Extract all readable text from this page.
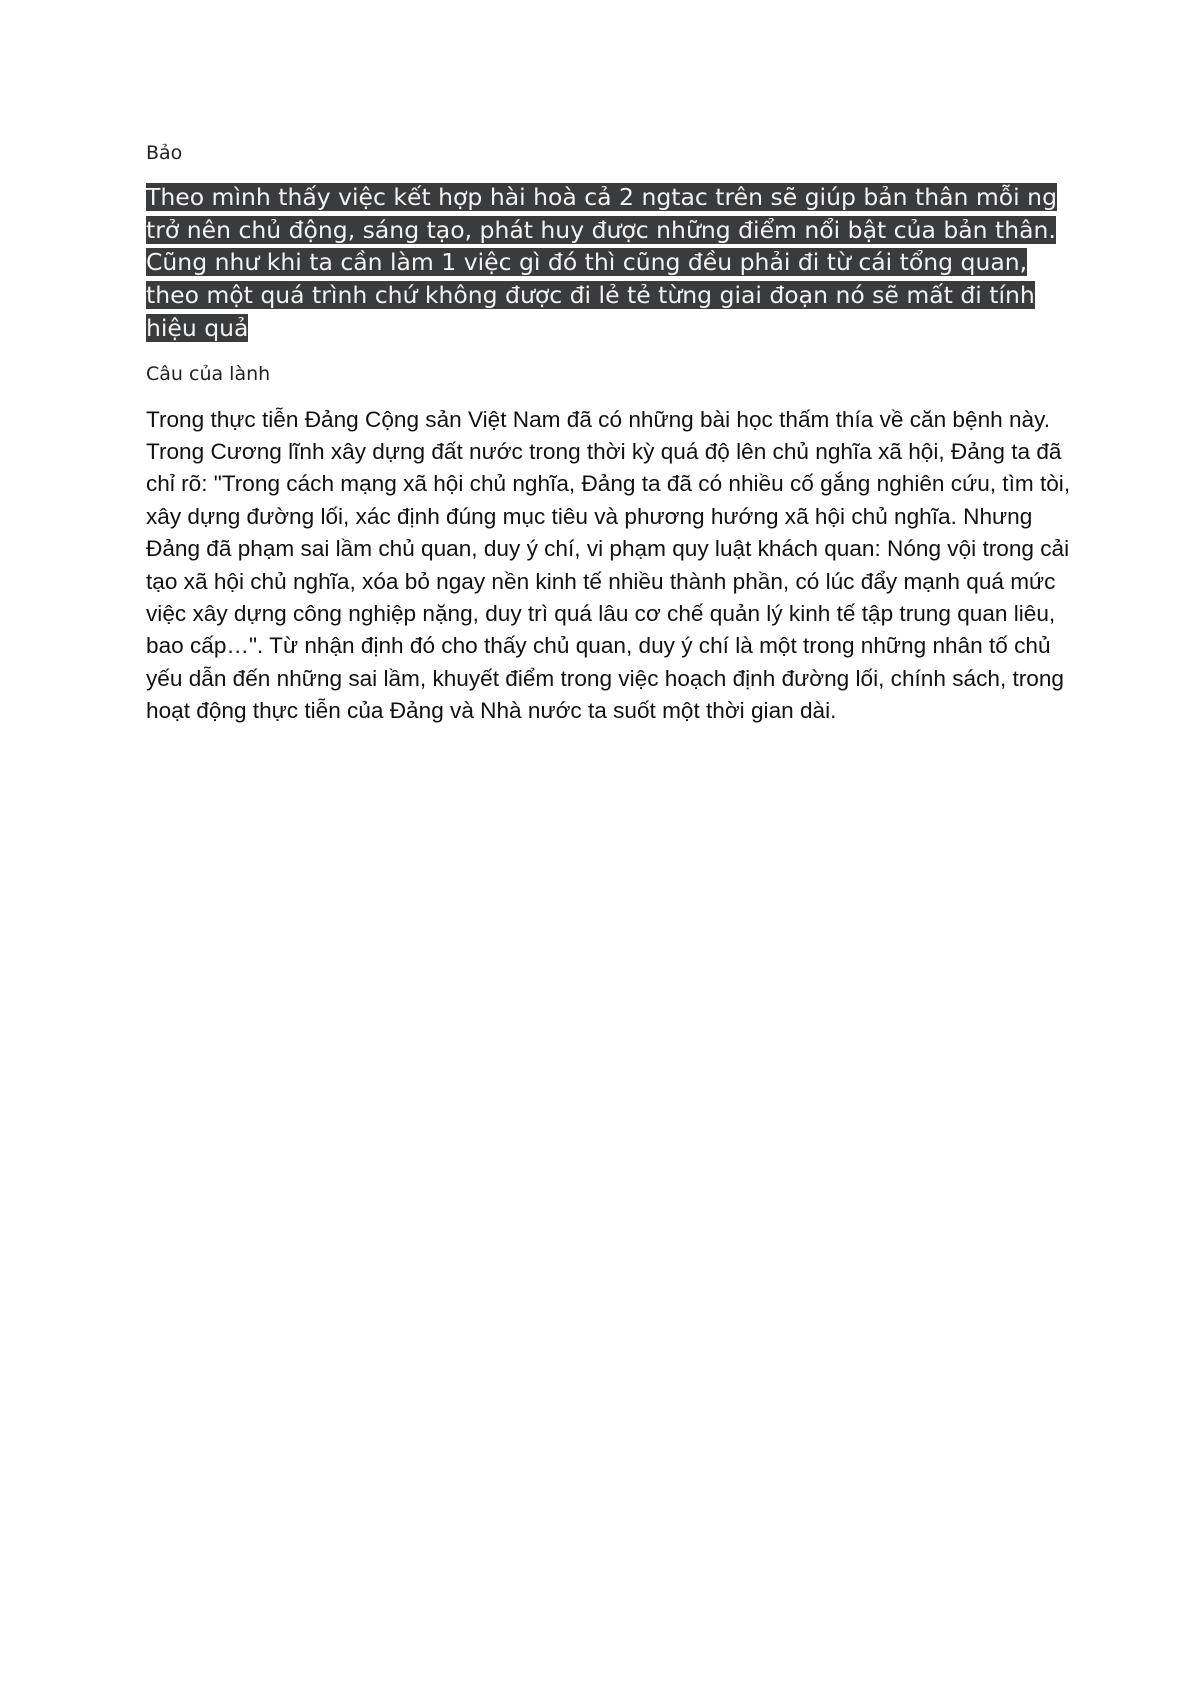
Bảo

Theo mình thấy việc kết hợp hài hoà cả 2 ngtac trên sẽ giúp bản thân mỗi ng trở nên chủ động, sáng tạo, phát huy được những điểm nổi bật của bản thân. Cũng như khi ta cần làm 1 việc gì đó thì cũng đều phải đi từ cái tổng quan, theo một quá trình chứ không được đi lẻ tẻ từng giai đoạn nó sẽ mất đi tính hiệu quả

Câu của lành

Trong thực tiễn Đảng Cộng sản Việt Nam đã có những bài học thấm thía về căn bệnh này. Trong Cương lĩnh xây dựng đất nước trong thời kỳ quá độ lên chủ nghĩa xã hội, Đảng ta đã chỉ rõ: "Trong cách mạng xã hội chủ nghĩa, Đảng ta đã có nhiều cố gắng nghiên cứu, tìm tòi, xây dựng đường lối, xác định đúng mục tiêu và phương hướng xã hội chủ nghĩa. Nhưng Đảng đã phạm sai lầm chủ quan, duy ý chí, vi phạm quy luật khách quan: Nóng vội trong cải tạo xã hội chủ nghĩa, xóa bỏ ngay nền kinh tế nhiều thành phần, có lúc đẩy mạnh quá mức việc xây dựng công nghiệp nặng, duy trì quá lâu cơ chế quản lý kinh tế tập trung quan liêu, bao cấp…". Từ nhận định đó cho thấy chủ quan, duy ý chí là một trong những nhân tố chủ yếu dẫn đến những sai lầm, khuyết điểm trong việc hoạch định đường lối, chính sách, trong hoạt động thực tiễn của Đảng và Nhà nước ta suốt một thời gian dài.
